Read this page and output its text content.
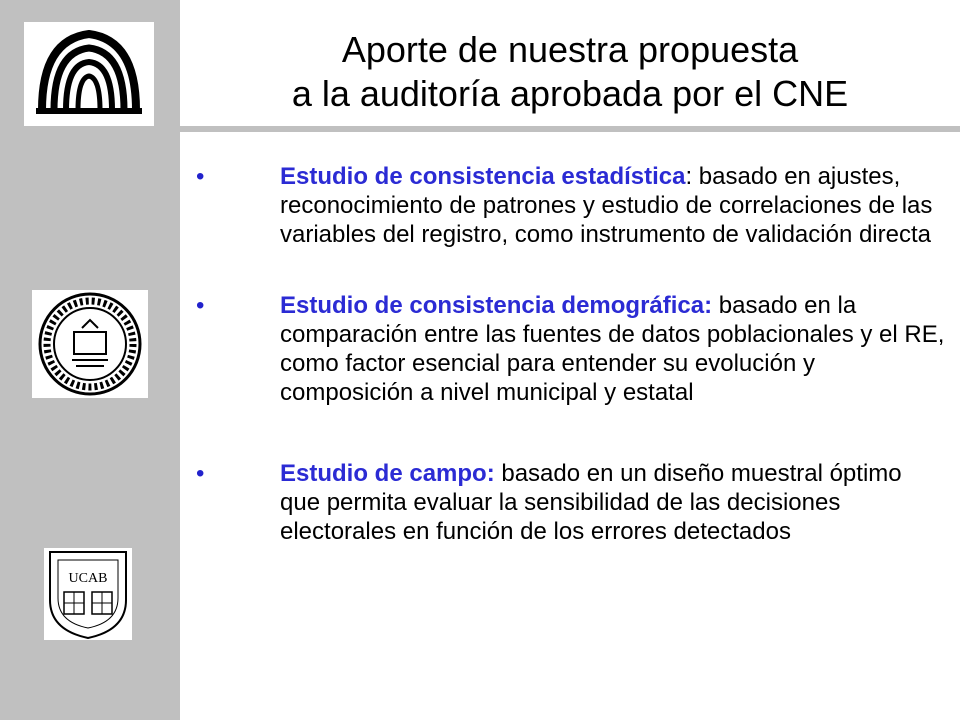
UCAB
Aporte de nuestra propuesta
a la auditoría aprobada por el CNE
•	Estudio de consistencia estadística: basado en ajustes, reconocimiento de patrones y estudio de correlaciones de las variables del registro, como instrumento de validación directa
•	Estudio de consistencia demográfica: basado en la comparación entre las fuentes de datos poblacionales y el RE, como factor esencial para entender su evolución y composición a nivel municipal y estatal
•	Estudio de campo: basado en un diseño muestral óptimo que permita evaluar la sensibilidad de las decisiones electorales en función de los errores detectados
